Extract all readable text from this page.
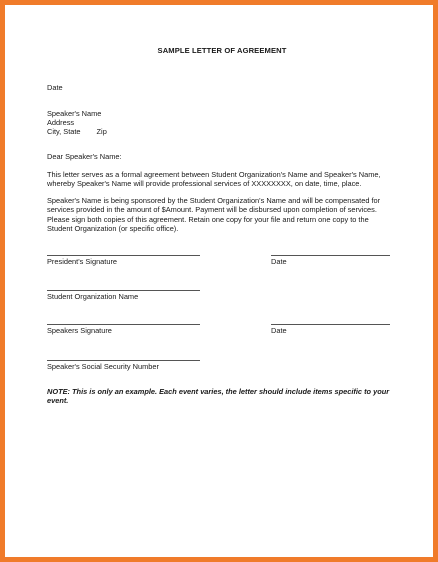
SAMPLE LETTER OF AGREEMENT
Date
Speaker's Name
Address
City, State Zip
Dear Speaker's Name:
This letter serves as a formal agreement between Student Organization's Name and Speaker's Name,
whereby Speaker's Name will provide professional services of XXXXXXXX, on date, time, place.
Speaker's Name is being sponsored by the Student Organization's Name and will be compensated for
services provided in the amount of $Amount. Payment will be disbursed upon completion of services.
Please sign both copies of this agreement. Retain one copy for your file and return one copy to the
Student Organization (or specific office).
President's Signature	Date
Student Organization Name
Speakers Signature	Date
Speaker's Social Security Number
NOTE: This is only an example. Each event varies, the letter should include items specific to your event.
